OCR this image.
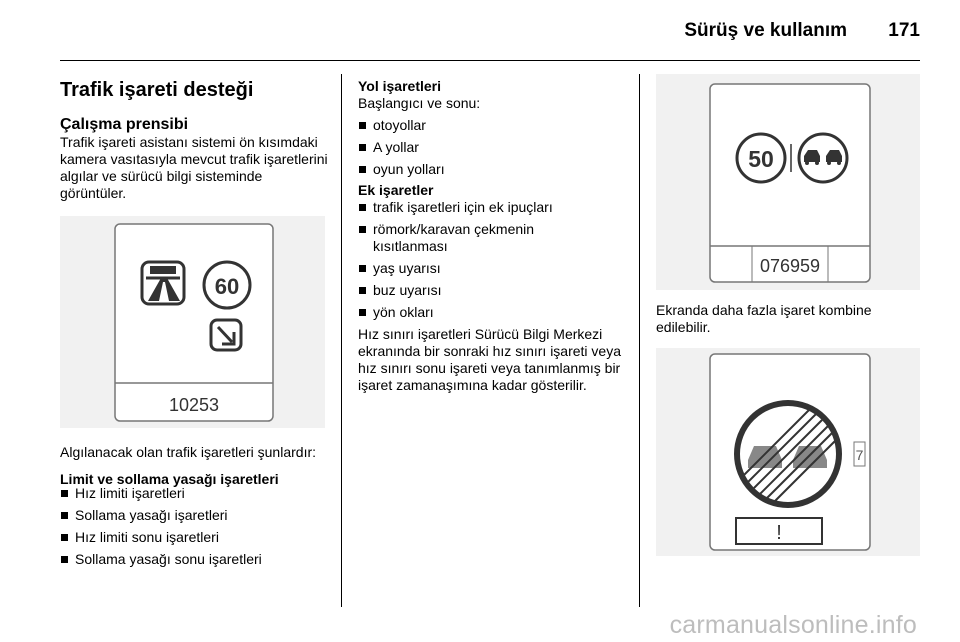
Sürüş ve kullanım 171
Trafik işareti desteği
Çalışma prensibi

Trafik işareti asistanı sistemi ön kısımdaki kamera vasıtasıyla mevcut trafik işaretlerini algılar ve sürücü bilgi sisteminde görüntüler.

60
10253

Algılanacak olan trafik işaretleri şunlardır:

Limit ve sollama yasağı işaretleri
Hız limiti işaretleri
Sollama yasağı işaretleri
Hız limiti sonu işaretleri
Sollama yasağı sonu işaretleri
Yol işaretleri

Başlangıcı ve sonu:

otoyollar
A yollar
oyun yolları
Ek işaretler
trafik işaretleri için ek ipuçları
römork/karavan çekmenin kısıtlanması
yaş uyarısı
buz uyarısı
yön okları

Hız sınırı işaretleri Sürücü Bilgi Merkezi ekranında bir sonraki hız sınırı işareti veya hız sınırı sonu işareti veya tanımlanmış bir işaret zamanaşımına kadar gösterilir.

50
076959

Ekranda daha fazla işaret kombine edilebilir.

7
!
carmanualsonline.info
